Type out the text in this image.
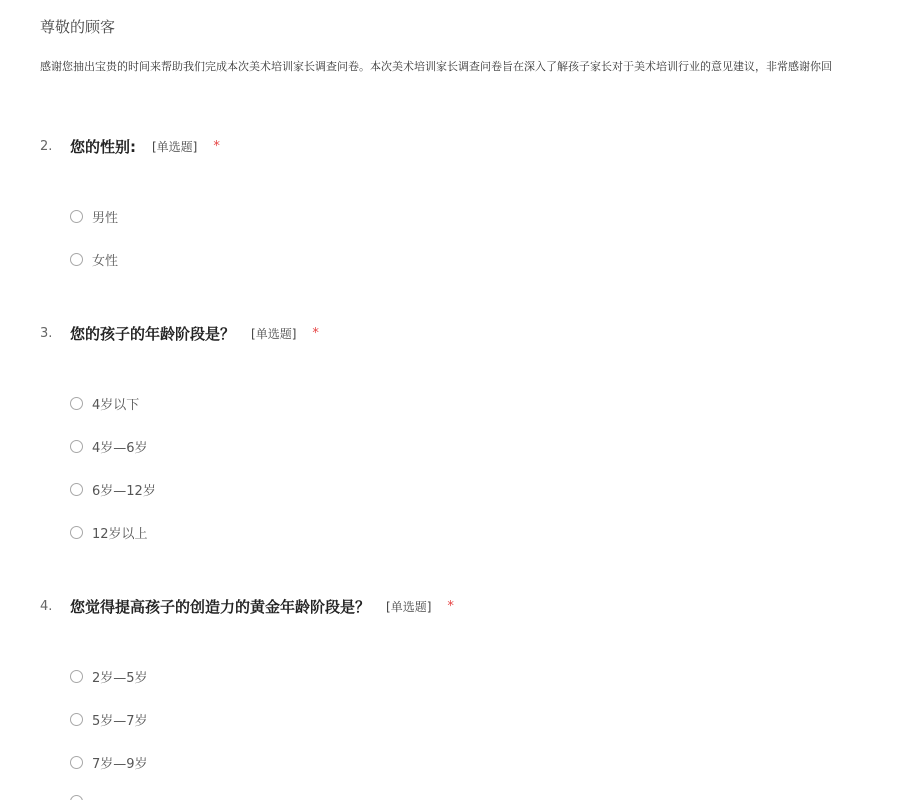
尊敬的顾客
感谢您抽出宝贵的时间来帮助我们完成本次美术培训家长调查问卷。本次美术培训家长调查问卷旨在深入了解孩子家长对于美术培训行业的意见建议，非常感谢你回
2.	您的性别: [单选题] *
男性
女性
3.	您的孩子的年龄阶段是？ [单选题] *
4岁以下
4岁—6岁
6岁—12岁
12岁以上
4.	您觉得提高孩子的创造力的黄金年龄阶段是？ [单选题] *
2岁—5岁
5岁—7岁
7岁—9岁
